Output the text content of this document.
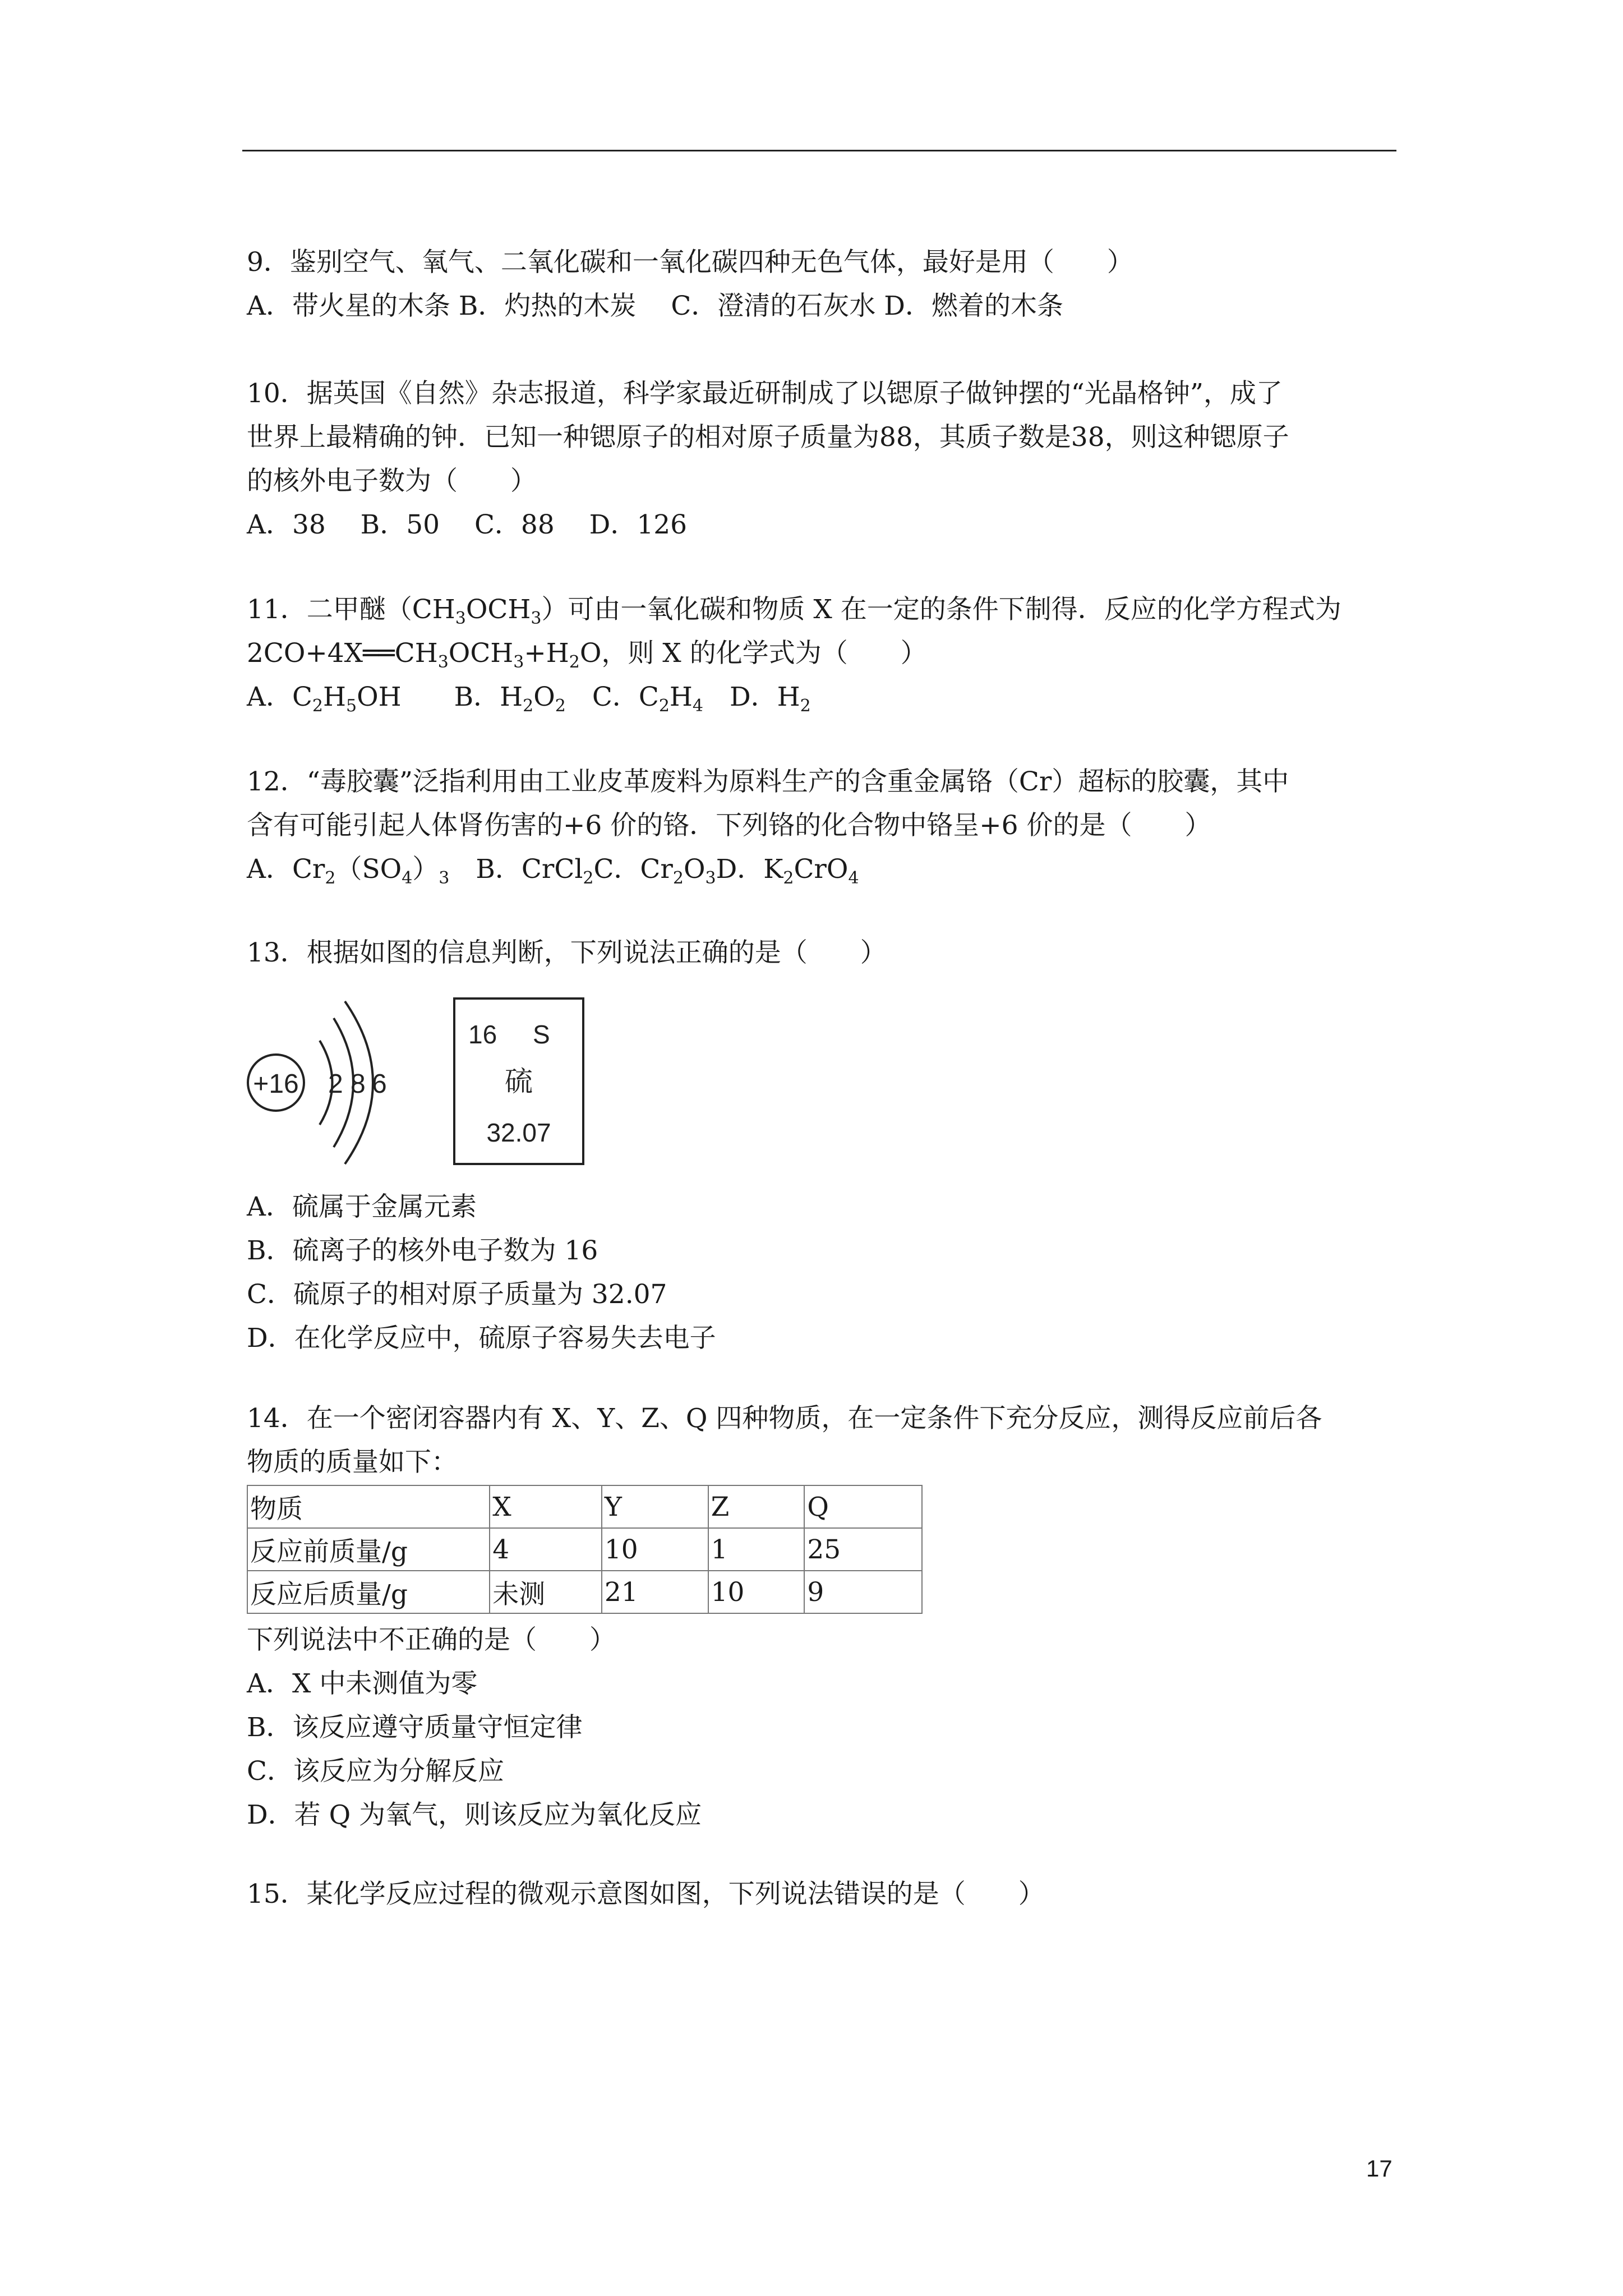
9．鉴别空气、氧气、二氧化碳和一氧化碳四种无色气体，最好是用（　　）
A．带火星的木条 B．灼热的木炭　 C．澄清的石灰水 D．燃着的木条
10．据英国《自然》杂志报道，科学家最近研制成了以锶原子做钟摆的“光晶格钟”，成了
世界上最精确的钟．已知一种锶原子的相对原子质量为88，其质子数是38，则这种锶原子
的核外电子数为（　　）
A．38　 B．50　 C．88　 D．126
11．二甲醚$(CH_3OCH_3)$可由一氧化碳和物质 X 在一定的条件下制得．反应的化学方程式为
$2CO+4X══CH_3OCH_3+H_2O$，则 X 的化学式为（　　）
A．$C_2H_5OH$　　B．$H_2O_2$　C．$C_2H_4$　D．$H_2$
12．“毒胶囊”泛指利用由工业皮革废料为原料生产的含重金属铬（Cr）超标的胶囊，其中
含有可能引起人体肾伤害的+6 价的铬．下列铬的化合物中铬呈+6 价的是（　　）
A．$Cr_2(SO_4)_3$　B．CrCl$_2$C．$Cr_2O_3D$．$K_2CrO_4$
13．根据如图的信息判断，下列说法正确的是（　　）
+16 2 8 6
16 S
硫
32.07
A．硫属于金属元素
B．硫离子的核外电子数为 16
C．硫原子的相对原子质量为 32.07
D．在化学反应中，硫原子容易失去电子
14．在一个密闭容器内有 X、Y、Z、Q 四种物质，在一定条件下充分反应，测得反应前后各
物质的质量如下：
物质	X	Y	Z	Q
反应前质量/g	4	10	1	25
反应后质量/g	未测	21	10	9
下列说法中不正确的是（　　）
A．X 中未测值为零
B．该反应遵守质量守恒定律
C．该反应为分解反应
D．若 Q 为氧气，则该反应为氧化反应
15．某化学反应过程的微观示意图如图，下列说法错误的是（　　）
17
